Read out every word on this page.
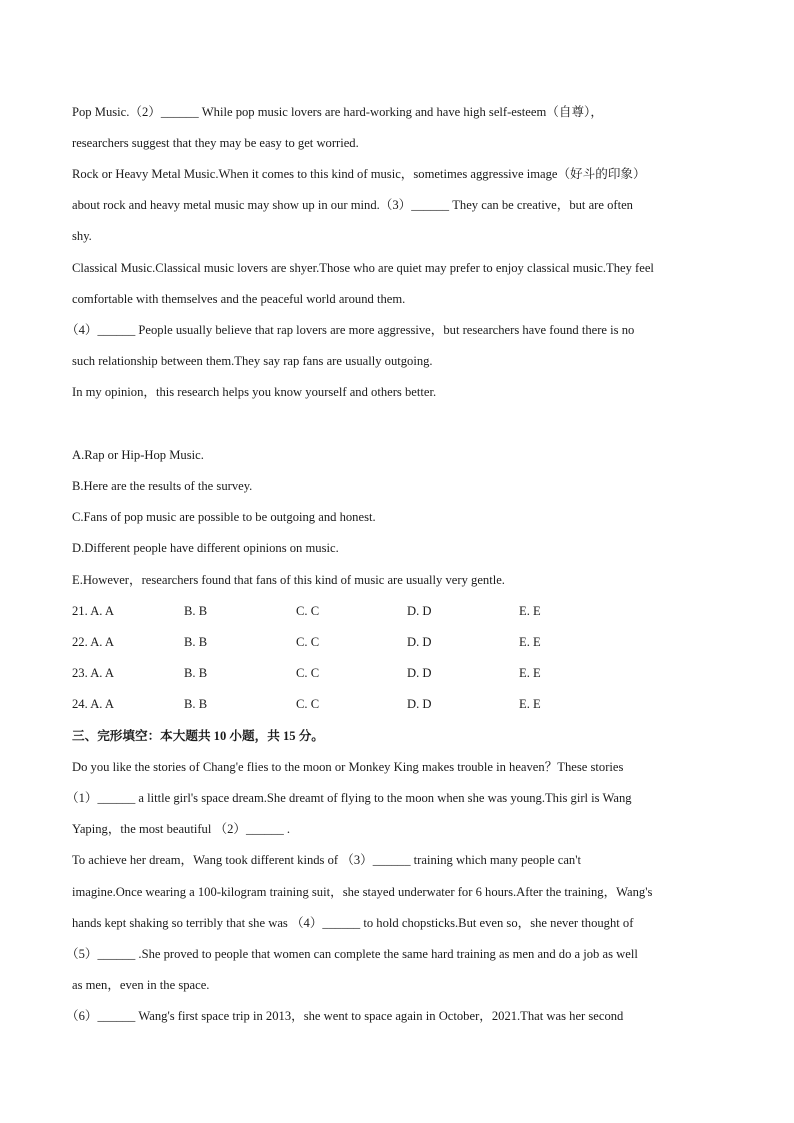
Pop Music.（2）______ While pop music lovers are hard-working and have high self-esteem（自尊），
researchers suggest that they may be easy to get worried.
Rock or Heavy Metal Music.When it comes to this kind of music，sometimes aggressive image（好斗的印象）
about rock and heavy metal music may show up in our mind.（3）______ They can be creative，but are often
shy.
Classical Music.Classical music lovers are shyer.Those who are quiet may prefer to enjoy classical music.They feel
comfortable with themselves and the peaceful world around them.
（4）______ People usually believe that rap lovers are more aggressive，but researchers have found there is no
such relationship between them.They say rap fans are usually outgoing.
In my opinion，this research helps you know yourself and others better.
A.Rap or Hip-Hop Music.
B.Here are the results of the survey.
C.Fans of pop music are possible to be outgoing and honest.
D.Different people have different opinions on music.
E.However，researchers found that fans of this kind of music are usually very gentle.
21. A. A	B. B	C. C	D. D	E. E
22. A. A	B. B	C. C	D. D	E. E
23. A. A	B. B	C. C	D. D	E. E
24. A. A	B. B	C. C	D. D	E. E
三、完形填空：本大题共 10 小题，共 15 分。
Do you like the stories of Chang'e flies to the moon or Monkey King makes trouble in heaven？These stories
（1）______ a little girl's space dream.She dreamt of flying to the moon when she was young.This girl is Wang
Yaping，the most beautiful （2）______ .
To achieve her dream，Wang took different kinds of （3）______ training which many people can't
imagine.Once wearing a 100-kilogram training suit，she stayed underwater for 6 hours.After the training，Wang's
hands kept shaking so terribly that she was （4）______ to hold chopsticks.But even so，she never thought of
（5）______ .She proved to people that women can complete the same hard training as men and do a job as well
as men，even in the space.
（6）______ Wang's first space trip in 2013，she went to space again in October，2021.That was her second
